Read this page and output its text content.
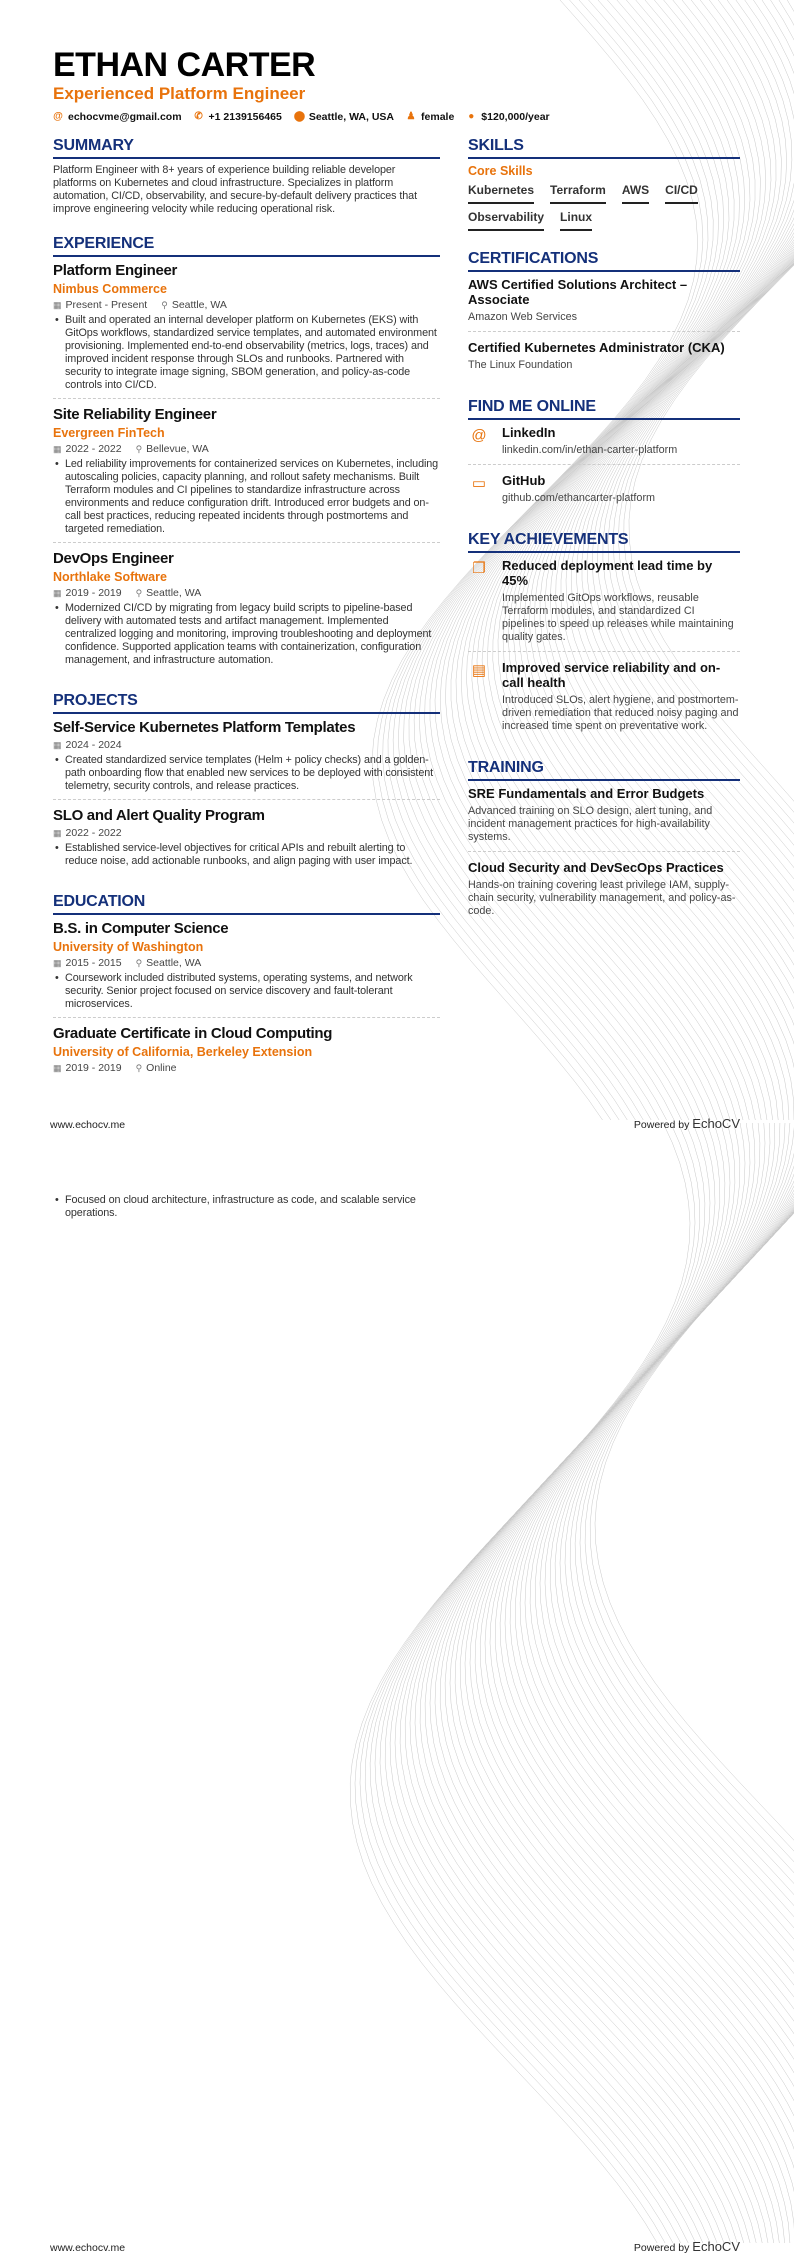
ETHAN CARTER
Experienced Platform Engineer
@ echocvme@gmail.com ✆ +1 2139156465 ⬤ Seattle, WA, USA ♟ female ● $120,000/year
SUMMARY

Platform Engineer with 8+ years of experience building reliable developer platforms on Kubernetes and cloud infrastructure. Specializes in platform automation, CI/CD, observability, and secure-by-default delivery practices that improve engineering velocity while reducing operational risk.

EXPERIENCE
Platform Engineer
Nimbus Commerce
▦ Present - Present ⚲ Seattle, WA
• Built and operated an internal developer platform on Kubernetes (EKS) with GitOps workflows, standardized service templates, and automated environment provisioning. Implemented end-to-end observability (metrics, logs, traces) and improved incident response through SLOs and runbooks. Partnered with security to integrate image signing, SBOM generation, and policy-as-code controls into CI/CD.
Site Reliability Engineer
Evergreen FinTech
▦ 2022 - 2022 ⚲ Bellevue, WA
• Led reliability improvements for containerized services on Kubernetes, including autoscaling policies, capacity planning, and rollout safety mechanisms. Built Terraform modules and CI pipelines to standardize infrastructure across environments and reduce configuration drift. Introduced error budgets and on-call best practices, reducing repeated incidents through postmortems and targeted remediation.
DevOps Engineer
Northlake Software
▦ 2019 - 2019 ⚲ Seattle, WA
• Modernized CI/CD by migrating from legacy build scripts to pipeline-based delivery with automated tests and artifact management. Implemented centralized logging and monitoring, improving troubleshooting and deployment confidence. Supported application teams with containerization, configuration management, and infrastructure automation.
PROJECTS
Self-Service Kubernetes Platform Templates
▦ 2024 - 2024
• Created standardized service templates (Helm + policy checks) and a golden-path onboarding flow that enabled new services to be deployed with consistent telemetry, security controls, and release practices.
SLO and Alert Quality Program
▦ 2022 - 2022
• Established service-level objectives for critical APIs and rebuilt alerting to reduce noise, add actionable runbooks, and align paging with user impact.
EDUCATION
B.S. in Computer Science
University of Washington
▦ 2015 - 2015 ⚲ Seattle, WA
• Coursework included distributed systems, operating systems, and network security. Senior project focused on service discovery and fault-tolerant microservices.
Graduate Certificate in Cloud Computing
University of California, Berkeley Extension
▦ 2019 - 2019 ⚲ Online
SKILLS
Core Skills
Kubernetes Terraform AWS CI/CD
Observability Linux
CERTIFICATIONS
AWS Certified Solutions Architect – Associate
Amazon Web Services
Certified Kubernetes Administrator (CKA)
The Linux Foundation
FIND ME ONLINE
@ LinkedIn
linkedin.com/in/ethan-carter-platform
▭	GitHub
github.com/ethancarter-platform
KEY ACHIEVEMENTS
❐	Reduced deployment lead time by 45%
Implemented GitOps workflows, reusable Terraform modules, and standardized CI pipelines to speed up releases while maintaining quality gates.
▤	Improved service reliability and on-call health
Introduced SLOs, alert hygiene, and postmortem-driven remediation that reduced noisy paging and increased time spent on preventative work.
TRAINING
SRE Fundamentals and Error Budgets
Advanced training on SLO design, alert tuning, and incident management practices for high-availability systems.
Cloud Security and DevSecOps Practices
Hands-on training covering least privilege IAM, supply-chain security, vulnerability management, and policy-as-code.
www.echocv.me	Powered by EchoCV
• Focused on cloud architecture, infrastructure as code, and scalable service operations.
www.echocv.me	Powered by EchoCV
